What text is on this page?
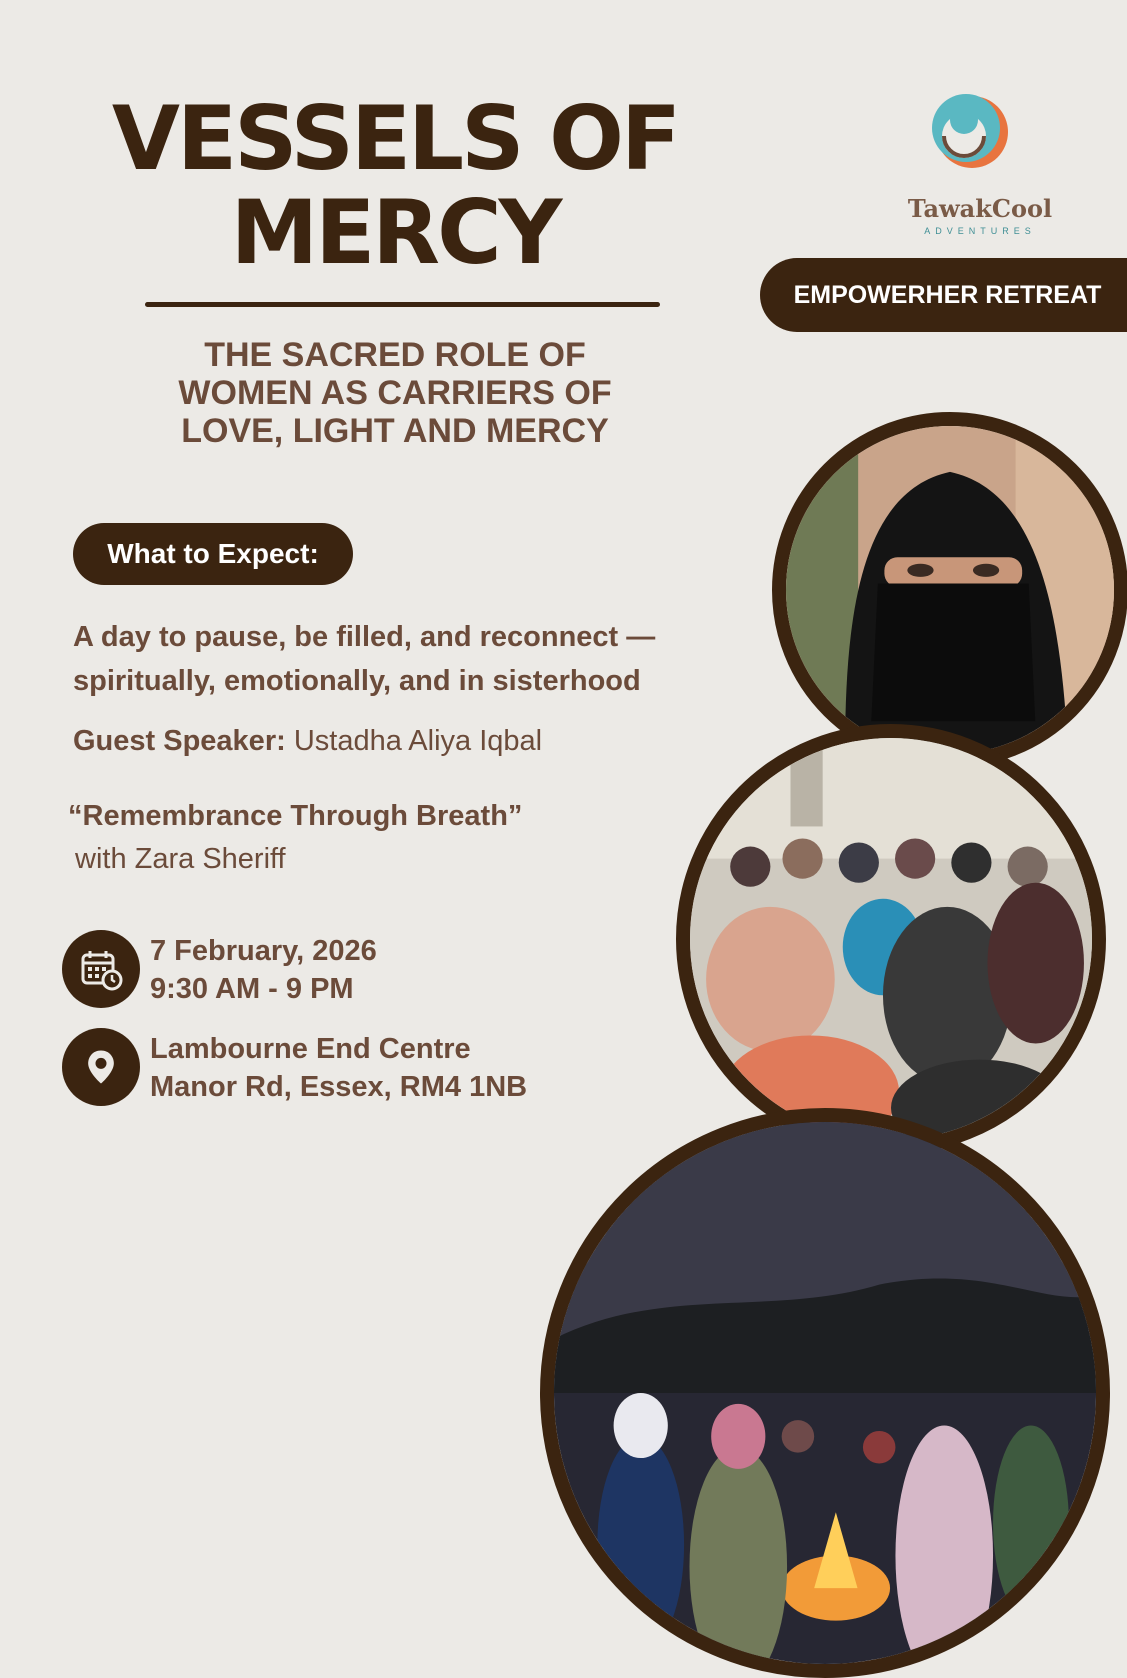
VESSELS OF
MERCY
THE SACRED ROLE OF
WOMEN AS CARRIERS OF
LOVE, LIGHT AND MERCY
TawakCool
ADVENTURES
EMPOWERHER RETREAT
What to Expect:
A day to pause, be filled, and reconnect —
spiritually, emotionally, and in sisterhood
Guest Speaker: Ustadha Aliya Iqbal
“Remembrance Through Breath”
with Zara Sheriff
7 February, 2026
9:30 AM - 9 PM
Lambourne End Centre
Manor Rd, Essex, RM4 1NB
